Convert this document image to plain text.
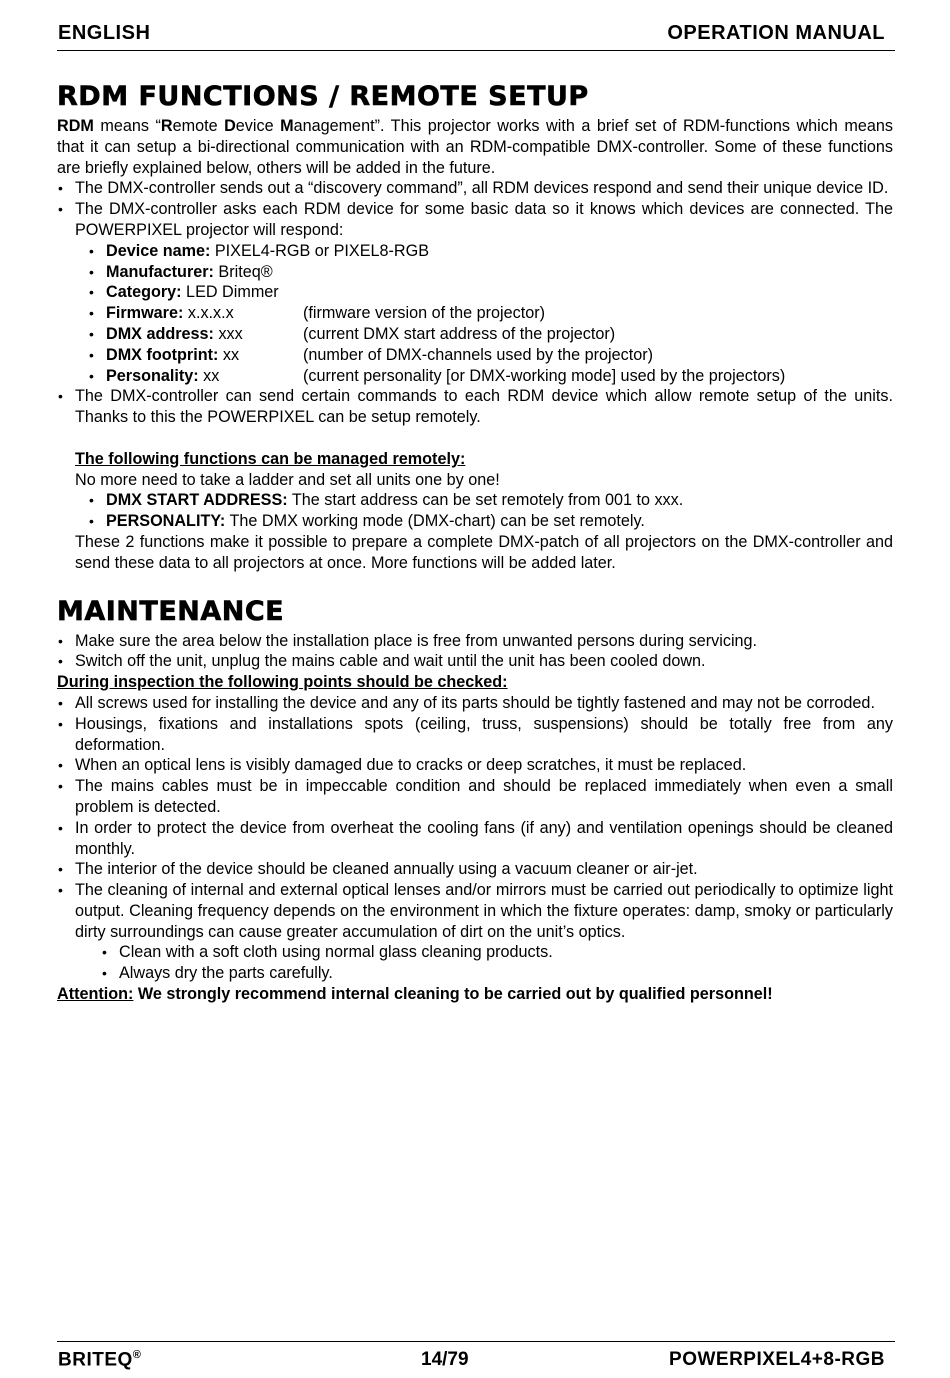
ENGLISH	OPERATION MANUAL
RDM FUNCTIONS / REMOTE SETUP

RDM means “Remote Device Management”. This projector works with a brief set of RDM-functions which means that it can setup a bi-directional communication with an RDM-compatible DMX-controller. Some of these functions are briefly explained below, others will be added in the future.

• The DMX-controller sends out a “discovery command”, all RDM devices respond and send their unique device ID.

• The DMX-controller asks each RDM device for some basic data so it knows which devices are connected. The POWERPIXEL projector will respond:

• Device name: PIXEL4-RGB or PIXEL8-RGB

• Manufacturer: Briteq®

• Category: LED Dimmer

• Firmware: x.x.x.x	(firmware version of the projector)

• DMX address: xxx	(current DMX start address of the projector)

• DMX footprint: xx	(number of DMX-channels used by the projector)

• Personality: xx	(current personality [or DMX-working mode] used by the projectors)

• The DMX-controller can send certain commands to each RDM device which allow remote setup of the units. Thanks to this the POWERPIXEL can be setup remotely.

The following functions can be managed remotely:

No more need to take a ladder and set all units one by one!

• DMX START ADDRESS: The start address can be set remotely from 001 to xxx.

• PERSONALITY: The DMX working mode (DMX-chart) can be set remotely.

These 2 functions make it possible to prepare a complete DMX-patch of all projectors on the DMX-controller and send these data to all projectors at once. More functions will be added later.

MAINTENANCE

• Make sure the area below the installation place is free from unwanted persons during servicing.

• Switch off the unit, unplug the mains cable and wait until the unit has been cooled down.

During inspection the following points should be checked:

• All screws used for installing the device and any of its parts should be tightly fastened and may not be corroded.

• Housings, fixations and installations spots (ceiling, truss, suspensions) should be totally free from any deformation.

• When an optical lens is visibly damaged due to cracks or deep scratches, it must be replaced.

• The mains cables must be in impeccable condition and should be replaced immediately when even a small problem is detected.

• In order to protect the device from overheat the cooling fans (if any) and ventilation openings should be cleaned monthly.

• The interior of the device should be cleaned annually using a vacuum cleaner or air-jet.

• The cleaning of internal and external optical lenses and/or mirrors must be carried out periodically to optimize light output. Cleaning frequency depends on the environment in which the fixture operates: damp, smoky or particularly dirty surroundings can cause greater accumulation of dirt on the unit’s optics.

• Clean with a soft cloth using normal glass cleaning products.

• Always dry the parts carefully.

Attention: We strongly recommend internal cleaning to be carried out by qualified personnel!

BRITEQ®	14/79	POWERPIXEL4+8-RGB
